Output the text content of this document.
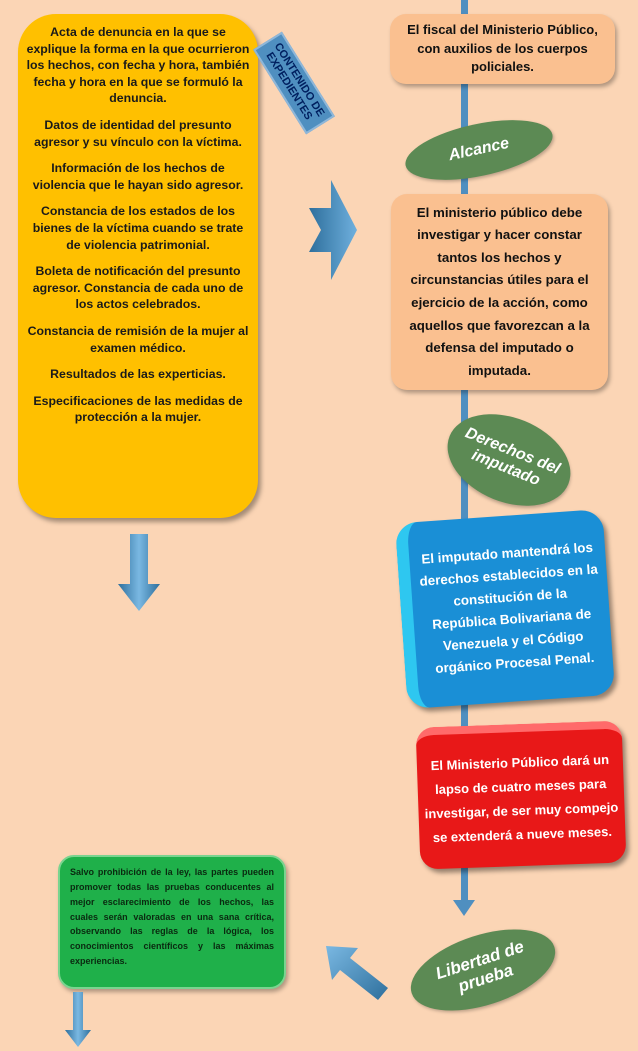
Acta de denuncia en la que se explique la forma en la que ocurrieron los hechos, con fecha y hora, también fecha y hora en la que se formuló la denuncia.

Datos de identidad del presunto agresor y su vínculo con la víctima.

Información de los hechos de violencia que le hayan sido agresor.

Constancia de los estados de los bienes de la víctima cuando se trate de violencia patrimonial.

Boleta de notificación del presunto agresor. Constancia de cada uno de los actos celebrados.

Constancia de remisión de la mujer al examen médico.

Resultados de las experticias.

Especificaciones de las medidas de protección a la mujer.

CONTENIDO DE EXPEDIENTES
El fiscal del Ministerio Público, con auxilios de los cuerpos policiales.
Alcance
El ministerio público debe investigar y hacer constar tantos los hechos y circunstancias útiles para el ejercicio de la acción, como aquellos que favorezcan a la defensa del imputado o imputada.
Derechos del imputado
El imputado mantendrá los derechos establecidos en la constitución de la República Bolivariana de Venezuela y el Código orgánico Procesal Penal.
El Ministerio Público dará un lapso de cuatro meses para investigar, de ser muy compejo se extenderá a nueve meses.
Libertad de prueba

Salvo prohibición de la ley, las partes pueden promover todas las pruebas conducentes al mejor esclarecimiento de los hechos, las cuales serán valoradas en una sana crítica, observando las reglas de la lógica, los conocimientos científicos y las máximas experiencias.
